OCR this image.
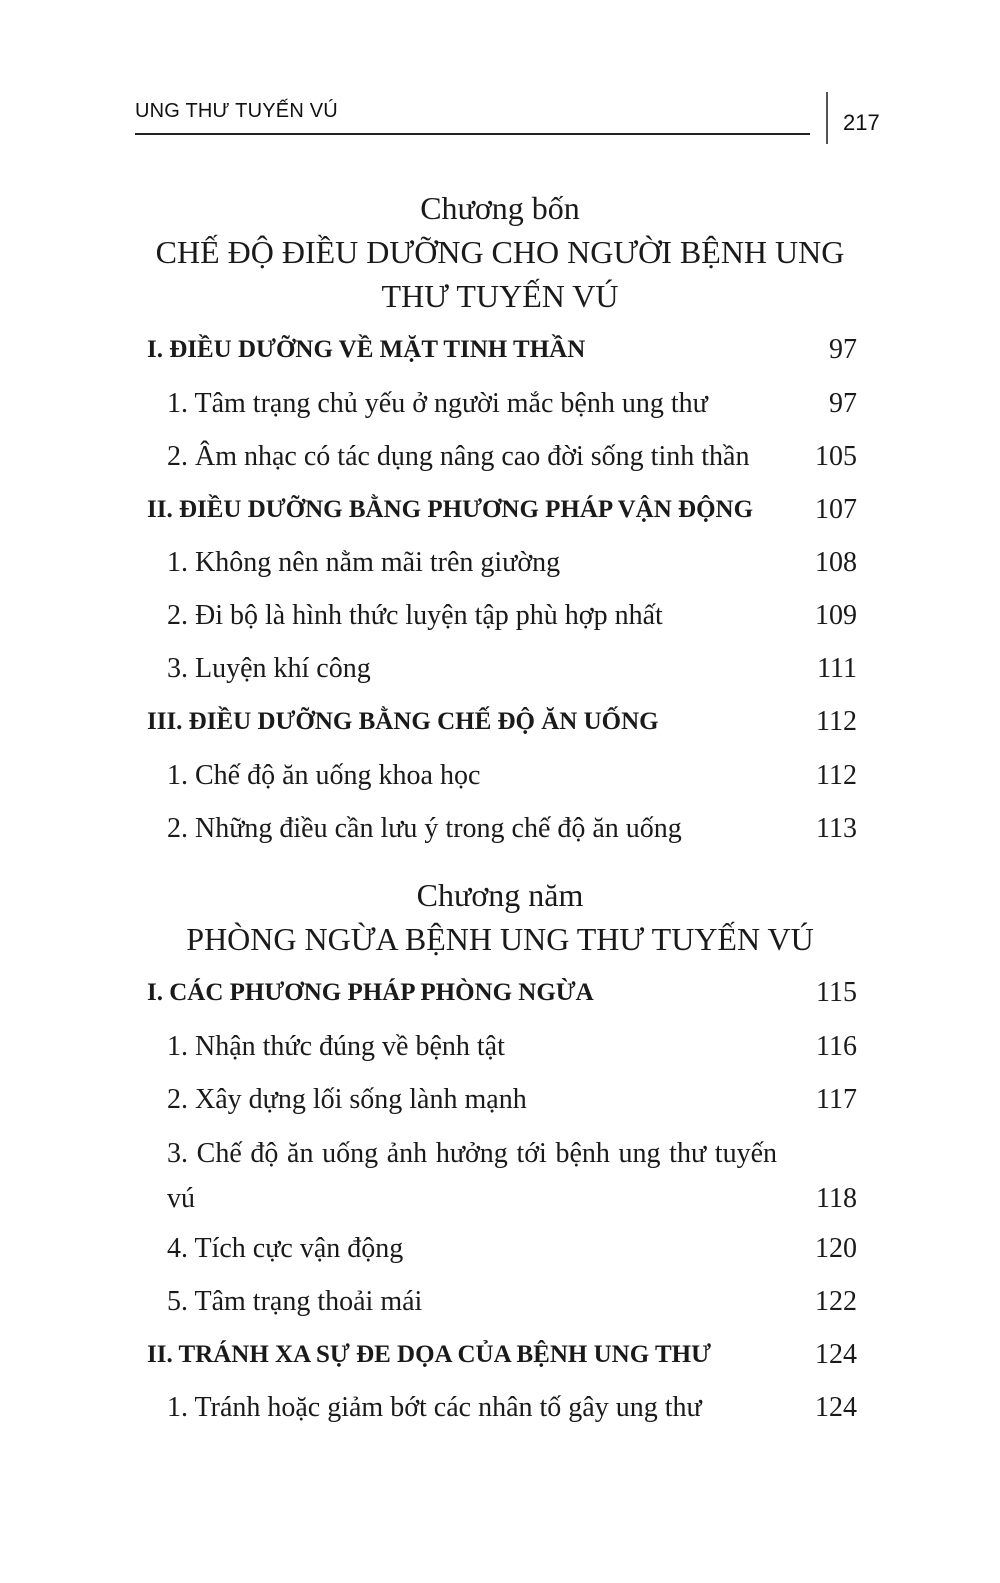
UNG THƯ TUYẾN VÚ	217
Chương bốn
CHẾ ĐỘ ĐIỀU DƯỠNG CHO NGƯỜI BỆNH UNG
THƯ TUYẾN VÚ
I. ĐIỀU DƯỠNG VỀ MẶT TINH THẦN	97
1. Tâm trạng chủ yếu ở người mắc bệnh ung thư	97
2. Âm nhạc có tác dụng nâng cao đời sống tinh thần 105
II. ĐIỀU DƯỠNG BẰNG PHƯƠNG PHÁP VẬN ĐỘNG 107
1. Không nên nằm mãi trên giường	108
2. Đi bộ là hình thức luyện tập phù hợp nhất	109
3. Luyện khí công	111
III. ĐIỀU DƯỠNG BẰNG CHẾ ĐỘ ĂN UỐNG	112
1. Chế độ ăn uống khoa học	112
2. Những điều cần lưu ý trong chế độ ăn uống	113
Chương năm
PHÒNG NGỪA BỆNH UNG THƯ TUYẾN VÚ
I. CÁC PHƯƠNG PHÁP PHÒNG NGỪA	115
1. Nhận thức đúng về bệnh tật	116
2. Xây dựng lối sống lành mạnh	117
3. Chế độ ăn uống ảnh hưởng tới bệnh ung thư tuyến vú	118
4. Tích cực vận động	120
5. Tâm trạng thoải mái	122
II. TRÁNH XA SỰ ĐE DỌA CỦA BỆNH UNG THƯ	124
1. Tránh hoặc giảm bớt các nhân tố gây ung thư	124
